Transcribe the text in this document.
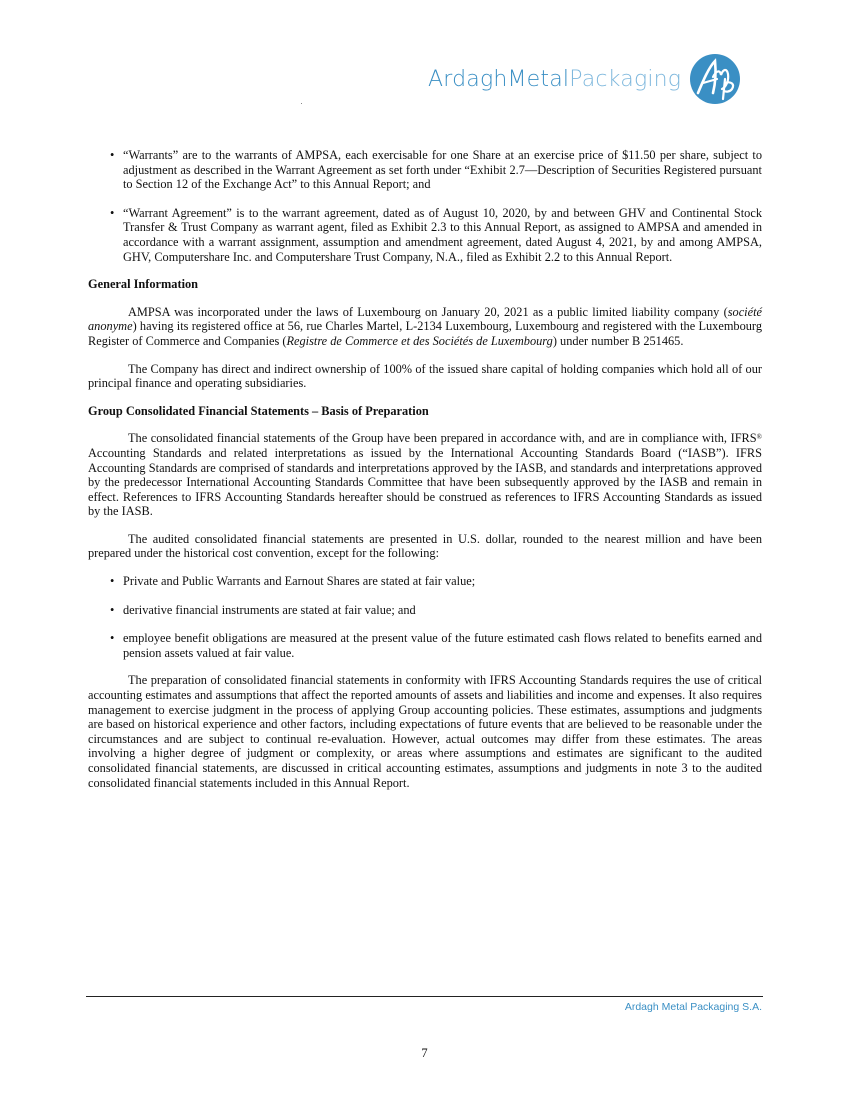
ArdaghMetalPackaging
• “Warrants” are to the warrants of AMPSA, each exercisable for one Share at an exercise price of $11.50 per share, subject to adjustment as described in the Warrant Agreement as set forth under “Exhibit 2.7—Description of Securities Registered pursuant to Section 12 of the Exchange Act” to this Annual Report; and
• “Warrant Agreement” is to the warrant agreement, dated as of August 10, 2020, by and between GHV and Continental Stock Transfer & Trust Company as warrant agent, filed as Exhibit 2.3 to this Annual Report, as assigned to AMPSA and amended in accordance with a warrant assignment, assumption and amendment agreement, dated August 4, 2021, by and among AMPSA, GHV, Computershare Inc. and Computershare Trust Company, N.A., filed as Exhibit 2.2 to this Annual Report.
General Information

AMPSA was incorporated under the laws of Luxembourg on January 20, 2021 as a public limited liability company (société anonyme) having its registered office at 56, rue Charles Martel, L-2134 Luxembourg, Luxembourg and registered with the Luxembourg Register of Commerce and Companies (Registre de Commerce et des Sociétés de Luxembourg) under number B 251465.

The Company has direct and indirect ownership of 100% of the issued share capital of holding companies which hold all of our principal finance and operating subsidiaries.

Group Consolidated Financial Statements – Basis of Preparation

The consolidated financial statements of the Group have been prepared in accordance with, and are in compliance with, IFRS® Accounting Standards and related interpretations as issued by the International Accounting Standards Board (“IASB”). IFRS Accounting Standards are comprised of standards and interpretations approved by the IASB, and standards and interpretations approved by the predecessor International Accounting Standards Committee that have been subsequently approved by the IASB and remain in effect. References to IFRS Accounting Standards hereafter should be construed as references to IFRS Accounting Standards as issued by the IASB.

The audited consolidated financial statements are presented in U.S. dollar, rounded to the nearest million and have been prepared under the historical cost convention, except for the following:

• Private and Public Warrants and Earnout Shares are stated at fair value;
• derivative financial instruments are stated at fair value; and
• employee benefit obligations are measured at the present value of the future estimated cash flows related to benefits earned and pension assets valued at fair value.

The preparation of consolidated financial statements in conformity with IFRS Accounting Standards requires the use of critical accounting estimates and assumptions that affect the reported amounts of assets and liabilities and income and expenses. It also requires management to exercise judgment in the process of applying Group accounting policies. These estimates, assumptions and judgments are based on historical experience and other factors, including expectations of future events that are believed to be reasonable under the circumstances and are subject to continual re-evaluation. However, actual outcomes may differ from these estimates. The areas involving a higher degree of judgment or complexity, or areas where assumptions and estimates are significant to the audited consolidated financial statements, are discussed in critical accounting estimates, assumptions and judgments in note 3 to the audited consolidated financial statements included in this Annual Report.

Ardagh Metal Packaging S.A.
7
